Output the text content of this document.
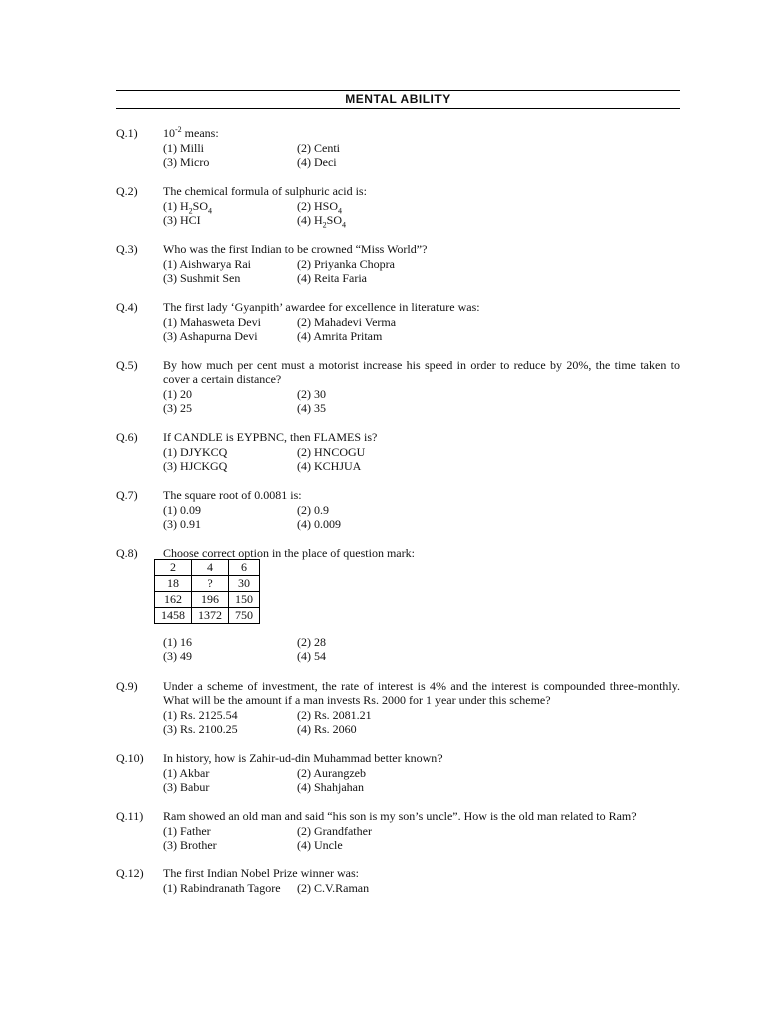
MENTAL ABILITY
Q.1) $10^{-2}$ means:
(1) Milli	(2) Centi
(3) Micro	(4) Deci
Q.2) The chemical formula of sulphuric acid is:
(1) $H_2SO_4$	(2) $HSO_4$
(3) HCI	(4) $H_2SO_4$
Q.3) Who was the first Indian to be crowned “Miss World”?
(1) Aishwarya Rai	(2) Priyanka Chopra
(3) Sushmit Sen	(4) Reita Faria
Q.4) The first lady ‘Gyanpith’ awardee for excellence in literature was:
(1) Mahasweta Devi	(2) Mahadevi Verma
(3) Ashapurna Devi	(4) Amrita Pritam
Q.5) By how much per cent must a motorist increase his speed in order to reduce by 20%, the time taken to cover a certain distance?
(1) 20	(2) 30
(3) 25	(4) 35
Q.6) If CANDLE is EYPBNC, then FLAMES is?
(1) DJYKCQ	(2) HNCOGU
(3) HJCKGQ	(4) KCHJUA
Q.7) The square root of 0.0081 is:
(1) 0.09	(2) 0.9
(3) 0.91	(4) 0.009
Q.8) Choose correct option in the place of question mark:
(1) 16	(2) 28
(3) 49	(4) 54
2	4	6
18	?	30
162	196	150
1458	1372	750
Q.9) Under a scheme of investment, the rate of interest is 4% and the interest is compounded three-monthly. What will be the amount if a man invests Rs. 2000 for 1 year under this scheme?
(1) Rs. 2125.54	(2) Rs. 2081.21
(3) Rs. 2100.25	(4) Rs. 2060
Q.10) In history, how is Zahir-ud-din Muhammad better known?
(1) Akbar	(2) Aurangzeb
(3) Babur	(4) Shahjahan
Q.11) Ram showed an old man and said “his son is my son’s uncle”. How is the old man related to Ram?
(1) Father	(2) Grandfather
(3) Brother	(4) Uncle
Q.12) The first Indian Nobel Prize winner was:
(1) Rabindranath Tagore (2) C.V.Raman
